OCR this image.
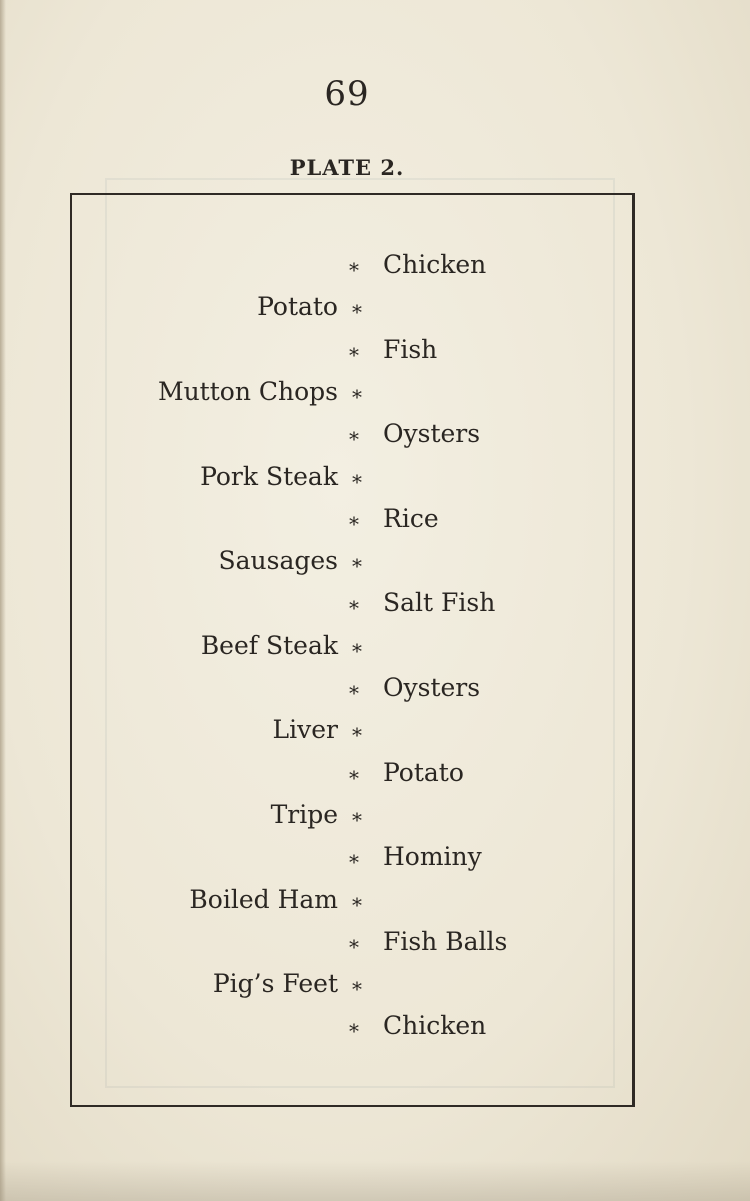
69
PLATE 2.
* Chicken
Potato *
* Fish
Mutton Chops *
* Oysters
Pork Steak *
* Rice
Sausages *
* Salt Fish
Beef Steak *
* Oysters
Liver *
* Potato
Tripe *
* Hominy
Boiled Ham *
* Fish Balls
Pig’s Feet *
* Chicken
